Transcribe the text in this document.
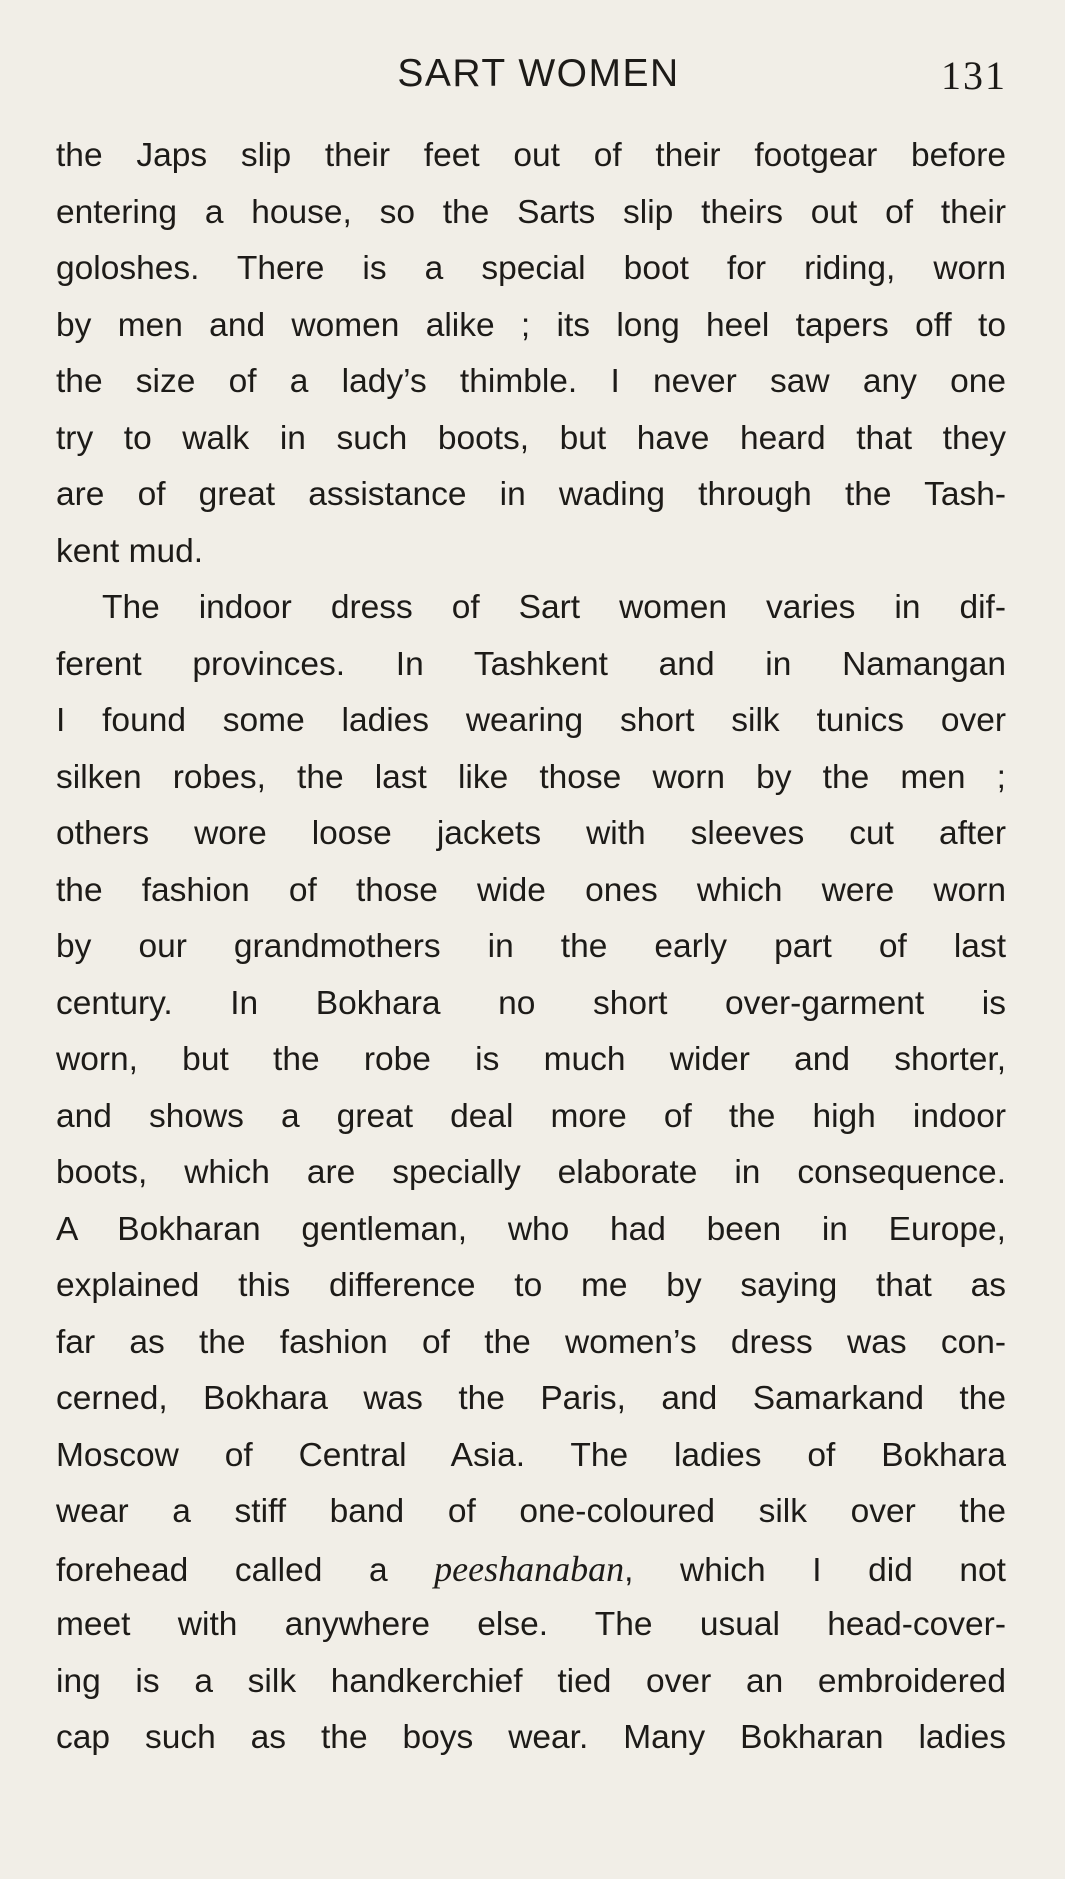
SART WOMEN	131
the Japs slip their feet out of their footgear before
entering a house, so the Sarts slip theirs out of their
goloshes. There is a special boot for riding, worn
by men and women alike ; its long heel tapers off to
the size of a lady’s thimble. I never saw any one
try to walk in such boots, but have heard that they
are of great assistance in wading through the Tash-
kent mud.
The indoor dress of Sart women varies in dif-
ferent provinces. In Tashkent and in Namangan
I found some ladies wearing short silk tunics over
silken robes, the last like those worn by the men ;
others wore loose jackets with sleeves cut after
the fashion of those wide ones which were worn
by our grandmothers in the early part of last
century. In Bokhara no short over-garment is
worn, but the robe is much wider and shorter,
and shows a great deal more of the high indoor
boots, which are specially elaborate in consequence.
A Bokharan gentleman, who had been in Europe,
explained this difference to me by saying that as
far as the fashion of the women’s dress was con-
cerned, Bokhara was the Paris, and Samarkand the
Moscow of Central Asia. The ladies of Bokhara
wear a stiff band of one-coloured silk over the
forehead called a peeshanaban, which I did not
meet with anywhere else. The usual head-cover-
ing is a silk handkerchief tied over an embroidered
cap such as the boys wear. Many Bokharan ladies
